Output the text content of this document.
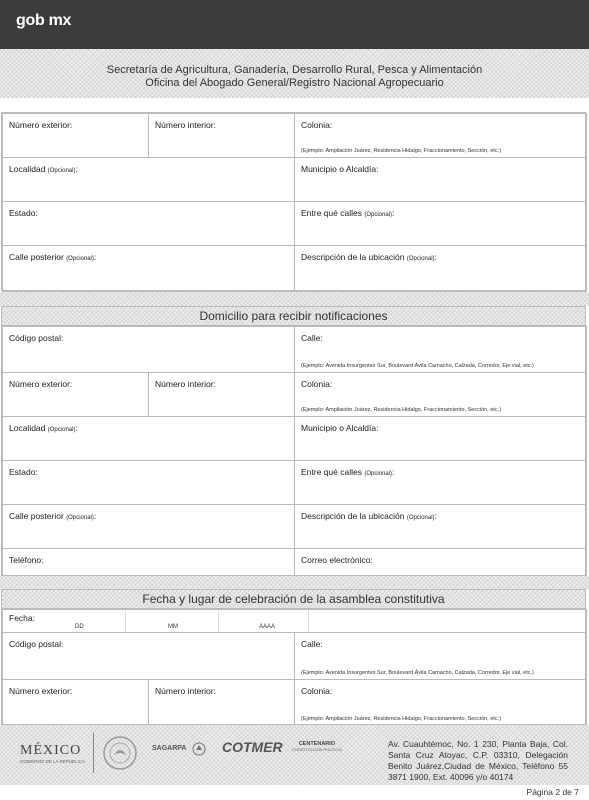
gob mx
Secretaría de Agricultura, Ganadería, Desarrollo Rural, Pesca y Alimentación
Oficina del Abogado General/Registro Nacional Agropecuario
Número exterior:	Número interior:	Colonia:
(Ejemplo: Ampliación Juárez, Residencia Hidalgo, Fraccionamiento, Sección, etc.)
Localidad (Opcional):	Municipio o Alcaldía:
Estado:	Entre qué calles (Opcional):
Calle posterior (Opcional):	Descripción de la ubicación (Opcional):
Domicilio para recibir notificaciones
Código postal:	Calle:
(Ejemplo: Avenida Insurgentes Sur, Boulevard Ávila Camacho, Calzada, Corredor, Eje vial, etc.)
Número exterior:	Número interior:	Colonia:
(Ejemplo: Ampliación Juárez, Residencia Hidalgo, Fraccionamiento, Sección, etc.)
Localidad (Opcional):	Municipio o Alcaldía:
Estado:	Entre qué calles (Opcional):
Calle posterior (Opcional):	Descripción de la ubicación (Opcional):
Teléfono:	Correo electrónico:
Fecha y lugar de celebración de la asamblea constitutiva
Fecha:
DD	MM	AAAA
Código postal:	Calle:
(Ejemplo: Avenida Insurgentes Sur, Boulevard Ávila Camacho, Calzada, Corredor, Eje vial, etc.)
Número exterior:	Número interior:	Colonia:
(Ejemplo: Ampliación Juárez, Residencia Hidalgo, Fraccionamiento, Sección, etc.)
MÉXICO
GOBIERNO DE LA REPÚBLICA
SAGARPA	COTMER	CENTENARIO
CONSTITUCIÓN POLÍTICA
Av. Cuauhtémoc, No. 1 230, Planta Baja, Col. Santa Cruz Atoyac, C.P. 03310, Delegación Benito Juárez,Ciudad de México, Teléfono 55 3871 1900, Ext. 40096 y/o 40174
Página 2 de 7
